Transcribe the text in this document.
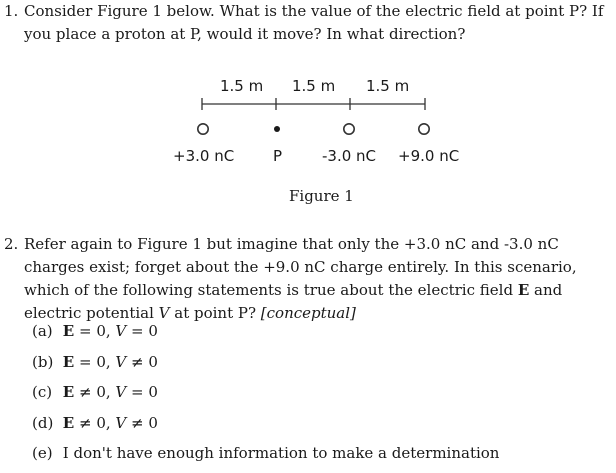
1. Consider Figure 1 below. What is the value of the electric field at point P? If you place a proton at P, would it move? In what direction?

1.5 m 1.5 m 1.5 m
+3.0 nC	P	-3.0 nC +9.0 nC
Figure 1
2. Refer again to Figure 1 but imagine that only the +3.0 nC and -3.0 nC charges exist; forget about the +9.0 nC charge entirely. In this scenario, which of the following statements is true about the electric field E and electric potential V at point P? [conceptual]

(a) E = 0, V = 0
(b) E = 0, V ≠ 0
(c) E ≠ 0, V = 0
(d) E ≠ 0, V ≠ 0
(e) I don't have enough information to make a determination
